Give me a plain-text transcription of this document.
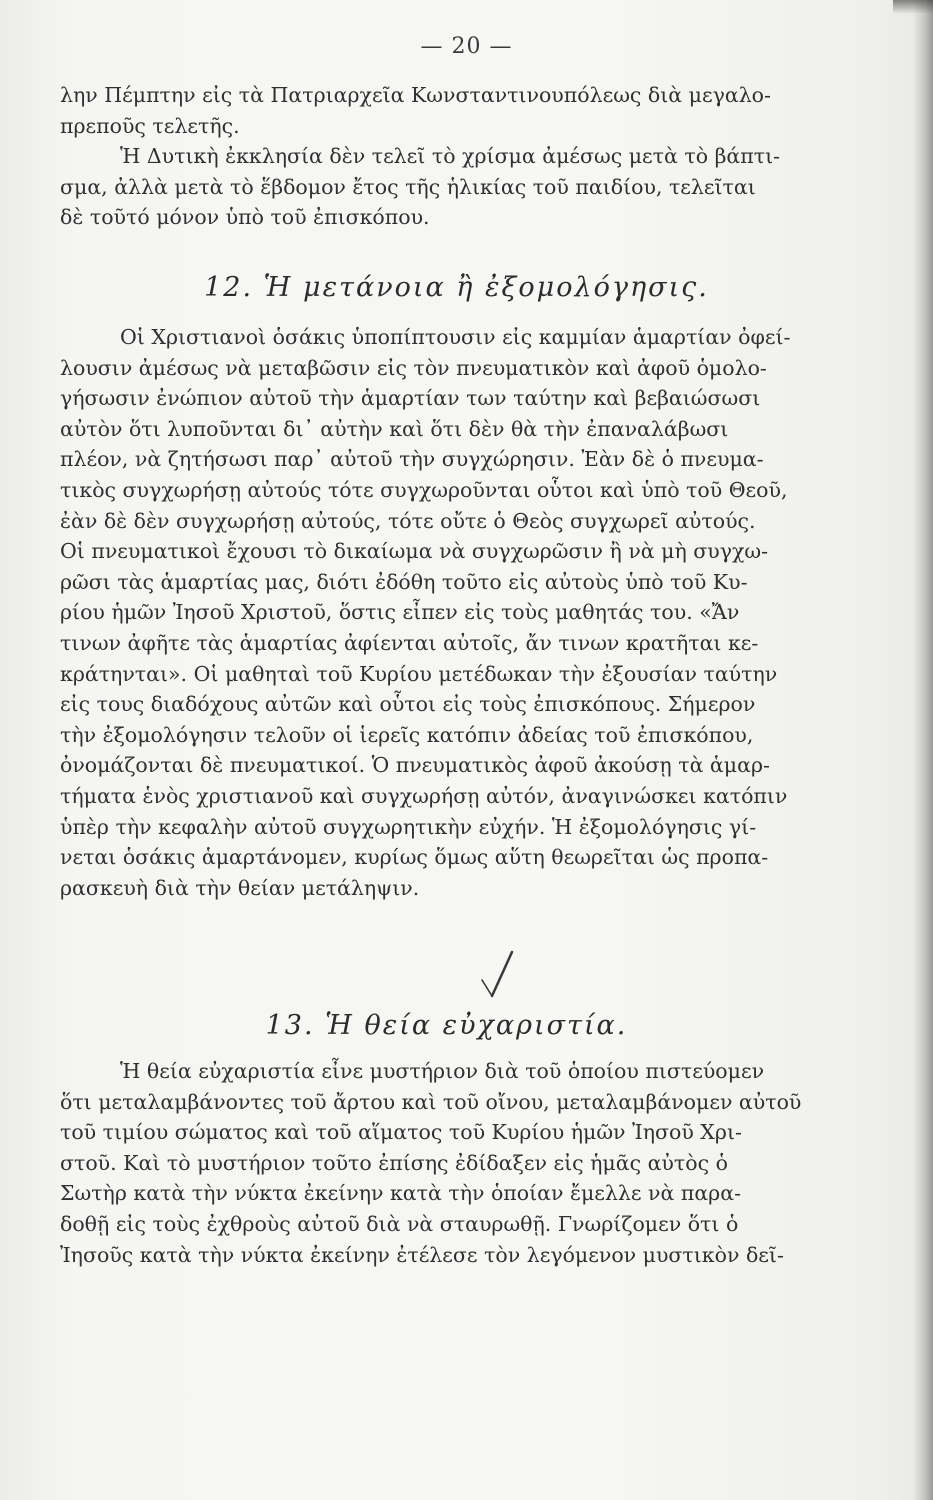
— 20 —
λην Πέμπτην εἰς τὰ Πατριαρχεῖα Κωνσταντινουπόλεως διὰ μεγαλο-
πρεποῦς τελετῆς.
Ἡ Δυτικὴ ἐκκλησία δὲν τελεῖ τὸ χρίσμα ἀμέσως μετὰ τὸ βάπτι-
σμα, ἀλλὰ μετὰ τὸ ἕβδομον ἔτος τῆς ἡλικίας τοῦ παιδίου, τελεῖται
δὲ τοῦτό μόνον ὑπὸ τοῦ ἐπισκόπου.
12. Ἡ μετάνοια ἢ ἐξομολόγησις.
Οἱ Χριστιανοὶ ὁσάκις ὑποπίπτουσιν εἰς καμμίαν ἁμαρτίαν ὀφεί-
λουσιν ἀμέσως νὰ μεταβῶσιν εἰς τὸν πνευματικὸν καὶ ἀφοῦ ὁμολο-
γήσωσιν ἐνώπιον αὐτοῦ τὴν ἁμαρτίαν των ταύτην καὶ βεβαιώσωσι
αὐτὸν ὅτι λυποῦνται δι᾽ αὐτὴν καὶ ὅτι δὲν θὰ τὴν ἐπαναλάβωσι
πλέον, νὰ ζητήσωσι παρ᾽ αὐτοῦ τὴν συγχώρησιν. Ἐὰν δὲ ὁ πνευμα-
τικὸς συγχωρήσῃ αὐτούς τότε συγχωροῦνται οὗτοι καὶ ὑπὸ τοῦ Θεοῦ,
ἐὰν δὲ δὲν συγχωρήσῃ αὐτούς, τότε οὔτε ὁ Θεὸς συγχωρεῖ αὐτούς.
Οἱ πνευματικοὶ ἔχουσι τὸ δικαίωμα νὰ συγχωρῶσιν ἢ νὰ μὴ συγχω-
ρῶσι τὰς ἁμαρτίας μας, διότι ἐδόθη τοῦτο εἰς αὐτοὺς ὑπὸ τοῦ Κυ-
ρίου ἡμῶν Ἰησοῦ Χριστοῦ, ὅστις εἶπεν εἰς τοὺς μαθητάς του. «Ἄν
τινων ἀφῆτε τὰς ἁμαρτίας ἀφίενται αὐτοῖς, ἄν τινων κρατῆται κε-
κράτηνται». Οἱ μαθηταὶ τοῦ Κυρίου μετέδωκαν τὴν ἐξουσίαν ταύτην
εἰς τους διαδόχους αὐτῶν καὶ οὗτοι εἰς τοὺς ἐπισκόπους. Σήμερον
τὴν ἐξομολόγησιν τελοῦν οἱ ἱερεῖς κατόπιν ἀδείας τοῦ ἐπισκόπου,
ὀνομάζονται δὲ πνευματικοί. Ὁ πνευματικὸς ἀφοῦ ἀκούσῃ τὰ ἁμαρ-
τήματα ἑνὸς χριστιανοῦ καὶ συγχωρήσῃ αὐτόν, ἀναγινώσκει κατόπιν
ὑπὲρ τὴν κεφαλὴν αὐτοῦ συγχωρητικὴν εὐχήν. Ἡ ἐξομολόγησις γί-
νεται ὁσάκις ἁμαρτάνομεν, κυρίως ὅμως αὕτη θεωρεῖται ὡς προπα-
ρασκευὴ διὰ τὴν θείαν μετάληψιν.
13. Ἡ θεία εὐχαριστία.
Ἡ θεία εὐχαριστία εἶνε μυστήριον διὰ τοῦ ὁποίου πιστεύομεν
ὅτι μεταλαμβάνοντες τοῦ ἄρτου καὶ τοῦ οἴνου, μεταλαμβάνομεν αὐτοῦ
τοῦ τιμίου σώματος καὶ τοῦ αἵματος τοῦ Κυρίου ἡμῶν Ἰησοῦ Χρι-
στοῦ. Καὶ τὸ μυστήριον τοῦτο ἐπίσης ἐδίδαξεν εἰς ἡμᾶς αὐτὸς ὁ
Σωτὴρ κατὰ τὴν νύκτα ἐκείνην κατὰ τὴν ὁποίαν ἔμελλε νὰ παρα-
δοθῇ εἰς τοὺς ἐχθροὺς αὐτοῦ διὰ νὰ σταυρωθῇ. Γνωρίζομεν ὅτι ὁ
Ἰησοῦς κατὰ τὴν νύκτα ἐκείνην ἐτέλεσε τὸν λεγόμενον μυστικὸν δεῖ-
